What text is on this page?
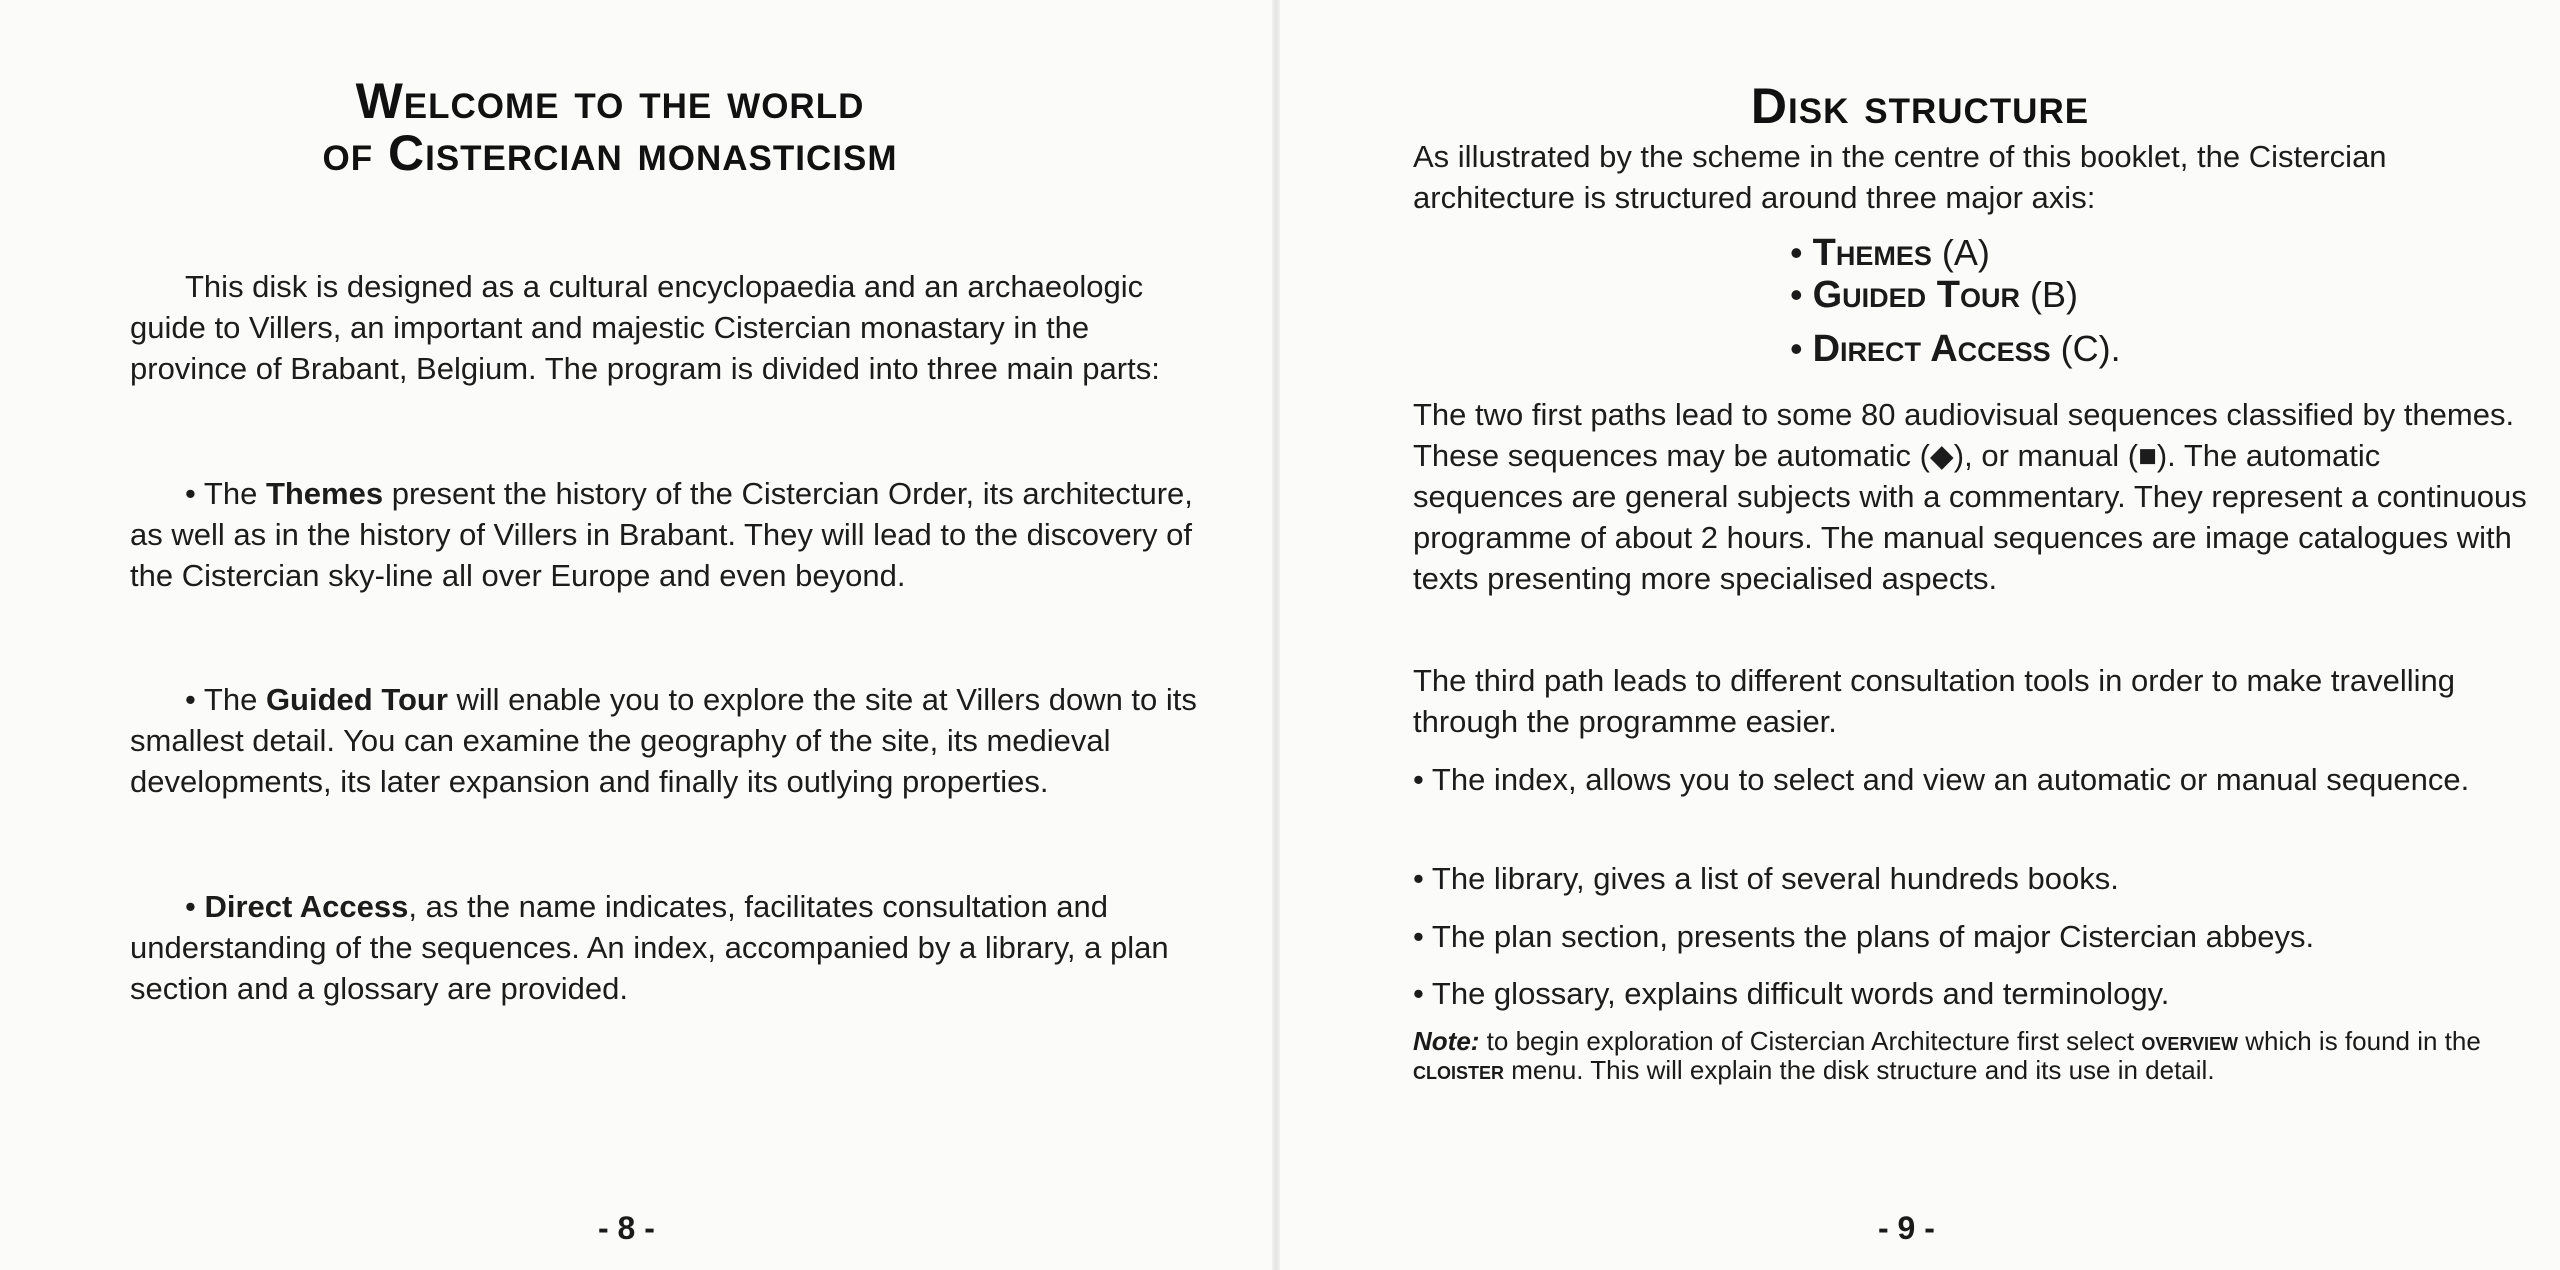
Welcome to the world
of Cistercian monasticism

This disk is designed as a cultural encyclopaedia and an archaeologic guide to Villers, an important and majestic Cistercian monastary in the province of Brabant, Belgium. The program is divided into three main parts:

• The Themes present the history of the Cistercian Order, its architecture, as well as in the history of Villers in Brabant. They will lead to the discovery of the Cistercian sky-line all over Europe and even beyond.

• The Guided Tour will enable you to explore the site at Villers down to its smallest detail. You can examine the geography of the site, its medieval developments, its later expansion and finally its outlying properties.

• Direct Access, as the name indicates, facilitates consultation and understanding of the sequences. An index, accompanied by a library, a plan section and a glossary are provided.

- 8 -
Disk structure

As illustrated by the scheme in the centre of this booklet, the Cistercian architecture is structured around three major axis:

The two first paths lead to some 80 audiovisual sequences classified by themes. These sequences may be automatic (◆), or manual (■). The automatic sequences are general subjects with a commentary. They represent a continuous programme of about 2 hours. The manual sequences are image catalogues with texts presenting more specialised aspects.

The third path leads to different consultation tools in order to make travelling through the programme easier.

• The index, allows you to select and view an automatic or manual sequence.

• The library, gives a list of several hundreds books.

• The plan section, presents the plans of major Cistercian abbeys.

• The glossary, explains difficult words and terminology.

Note: to begin exploration of Cistercian Architecture first select overview which is found in the cloister menu. This will explain the disk structure and its use in detail.

- 9 -
• Themes (A)
• Guided Tour (B)
• Direct Access (C).
